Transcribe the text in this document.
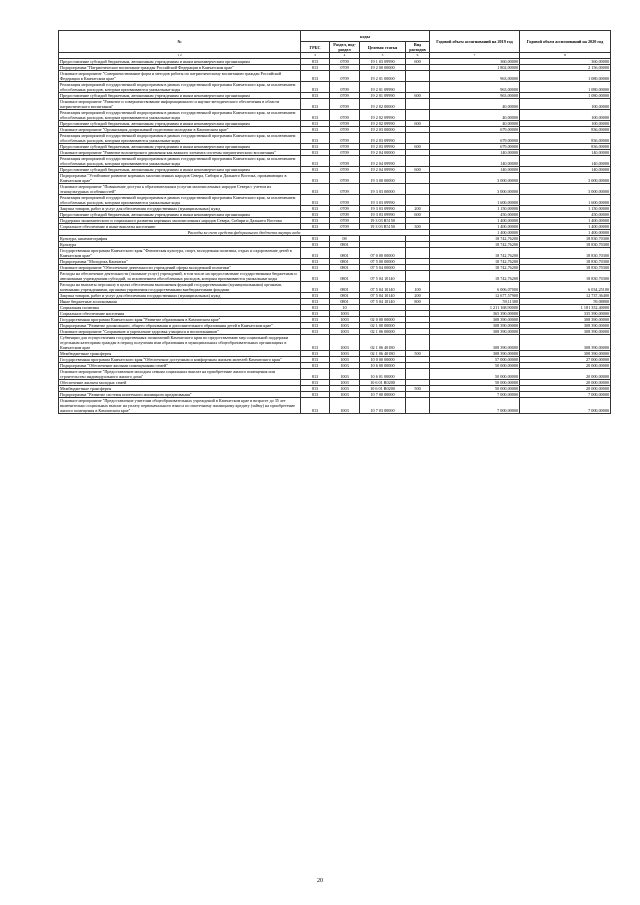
№	коды				Годовой объем ассигнований на 2019 год	Годовой объем ассигнований на 2020 год
	ГРБС	Раздел, под-раздел	Целевая статья	Вид расходов		
1 2	3	4	5	6	7	8
Предоставление субсидий бюджетным, автономным учреждениям и иным некоммерческим организациям	813	0709	19 1 03 09990	600	360,00000	360,00000
Подпрограмма "Патриотическое воспитание граждан Российской Федерации в Камчатском крае"	813	0709	19 2 00 00000		1 802,00000	2 156,00000
Основное мероприятие "Совершенствование форм и методов работы по патриотическому воспитанию граждан Российской Федерации в Камчатском крае"	813	0709	19 2 01 00000		963,00000	1 080,00000
Реализация мероприятий государственной подпрограммы в рамках государственной программы Камчатского края, за исключением обособленных расходов, которым присваиваются уникальные коды	813	0709	19 2 01 09990		963,00000	1 080,00000
Предоставление субсидий бюджетным, автономным учреждениям и иным некоммерческим организациям	813	0709	19 2 01 09990	600	963,00000	1 080,00000
Основное мероприятие "Развитие и совершенствование информационного и научно-методического обеспечения в области патриотического воспитания"	813	0709	19 2 02 00000		40,00000	100,00000
Реализация мероприятий государственной подпрограммы в рамках государственной программы Камчатского края, за исключением обособленных расходов, которым присваиваются уникальные коды	813	0709	19 2 02 09990		40,00000	100,00000
Предоставление субсидий бюджетным, автономным учреждениям и иным некоммерческим организациям	813	0709	19 2 02 09990	600	40,00000	100,00000
Основное мероприятие "Организация допризывной подготовки молодежи в Камчатском крае"	813	0709	19 2 03 00000		679,00000	836,00000
Реализация мероприятий государственной подпрограммы в рамках государственной программы Камчатского края, за исключением обособленных расходов, которым присваиваются уникальные коды	813	0709	19 2 03 09990		679,00000	836,00000
Предоставление субсидий бюджетным, автономным учреждениям и иным некоммерческим организациям	813	0709	19 2 03 09990	600	679,00000	836,00000
Основное мероприятие "Развитие волонтерского движения как важного элемента системы патриотического воспитания"	813	0709	19 2 04 00000		140,00000	140,00000
Реализация мероприятий государственной подпрограммы в рамках государственной программы Камчатского края, за исключением обособленных расходов, которым присваиваются уникальные коды	813	0709	19 2 04 09990		140,00000	140,00000
Предоставление субсидий бюджетным, автономным учреждениям и иным некоммерческим организациям	813	0709	19 2 04 09990	600	140,00000	140,00000
Подпрограмма "Устойчивое развитие коренных малочисленных народов Севера, Сибири и Дальнего Востока, проживающих в Камчатском крае"	813	0709	19 3 00 00000		3 000,00000	3 000,00000
Основное мероприятие "Повышение доступа к образовательным услугам малочисленных народов Севера с учетом их этнокультурных особенностей"	813	0709	19 3 03 00000		3 000,00000	3 000,00000
Реализация мероприятий государственной подпрограммы в рамках государственной программы Камчатского края, за исключением обособленных расходов, которым присваиваются уникальные коды	813	0709	19 3 03 09990		1 600,00000	1 600,00000
Закупка товаров, работ и услуг для обеспечения государственных (муниципальных) нужд	813	0709	19 3 03 09990	200	1 150,00000	1 150,00000
Предоставление субсидий бюджетным, автономным учреждениям и иным некоммерческим организациям	813	0709	19 3 03 09990	600	450,00000	450,00000
Поддержка экономического и социального развития коренных малочисленных народов Севера, Сибири и Дальнего Востока	813	0709	19 3 03 R5150		1 400,00000	1 400,00000
Социальное обеспечение и иные выплаты населению	813	0709	19 3 03 R5150	300	1 400,00000	1 400,00000
Расходы за счет средств федерального бюджета внутри кода					1 400,00000	1 400,00000
Культура, кинематография	813	08			18 742,76200	18 830,70300
Культура	813	0801			18 742,76200	18 830,70300
Государственная программа Камчатского края "Физическая культура, спорт, молодежная политика, отдых и оздоровление детей в Камчатском крае"	813	0801	07 0 00 00000		18 742,76200	18 830,70300
Подпрограмма "Молодежь Камчатки"	813	0801	07 5 00 00000		18 742,76200	18 830,70300
Основное мероприятие "Обеспечение деятельности учреждений сферы молодежной политики"	813	0801	07 5 04 00000		18 742,76200	18 830,70300
Расходы на обеспечение деятельности (оказание услуг) учреждений, в том числе на предоставление государственным бюджетным и автономным учреждениям субсидий, за исключением обособленных расходов, которым присваиваются уникальные коды	813	0801	07 5 04 10140		18 742,76200	18 830,70300
Расходы на выплаты персоналу в целях обеспечения выполнения функций государственными (муниципальными) органами, казенными учреждениями, органами управления государственными внебюджетными фондами	813	0801	07 5 04 10140	100	6 006,07000	6 034,25100
Закупка товаров, работ и услуг для обеспечения государственных (муниципальных) нужд	813	0801	07 5 04 10140	200	12 677,57900	12 737,36400
Иные бюджетные ассигнования	813	0801	07 5 04 10140	800	59,11300	59,08800
Социальная политика	813	10			1 211 168,90000	1 181 352,40000
Социальное обеспечение населения	813	1003			365 390,00000	335 390,00000
Государственная программа Камчатского края "Развитие образования в Камчатском крае"	813	1003	02 0 00 00000		308 390,00000	308 390,00000
Подпрограмма "Развитие дошкольного, общего образования и дополнительного образования детей в Камчатском крае"	813	1003	02 1 00 00000		308 390,00000	308 390,00000
Основное мероприятие "Сохранение и укрепление здоровья учащихся и воспитанников"	813	1003	02 1 06 00000		308 390,00000	308 390,00000
Субвенции для осуществления государственных полномочий Камчатского края по предоставлению мер социальной поддержки отдельным категориям граждан в период получения ими образования в муниципальных общеобразовательных организациях в Камчатском крае	813	1003	02 1 06 40180		308 390,00000	308 390,00000
Межбюджетные трансферты	813	1003	02 1 06 40180	500	308 390,00000	308 390,00000
Государственная программа Камчатского края "Обеспечение доступным и комфортным жильем жителей Камчатского края"	813	1003	10 0 00 00000		57 000,00000	27 000,00000
Подпрограмма "Обеспечение жилыми помещениями семей"	813	1003	10 6 00 00000		50 000,00000	20 000,00000
Основное мероприятие "Предоставление молодым семьям социальных выплат на приобретение жилого помещения или строительство индивидуального жилого дома"	813	1003	10 6 01 00000		50 000,00000	20 000,00000
Обеспечение жильем молодых семей	813	1003	10 6 01 R0200		50 000,00000	20 000,00000
Межбюджетные трансферты	813	1003	10 6 01 R0200	500	50 000,00000	20 000,00000
Подпрограмма "Развитие системы ипотечного жилищного кредитования"	813	1003	10 7 00 00000		7 000,00000	7 000,00000
Основное мероприятие "Предоставление учителям общеобразовательных учреждений в Камчатском крае в возрасте до 35 лет включительно социальных выплат на уплату первоначального взноса по ипотечному жилищному кредиту (займу) на приобретение жилого помещения в Камчатском крае"	813	1003	10 7 03 00000		7 000,00000	7 000,00000
20
